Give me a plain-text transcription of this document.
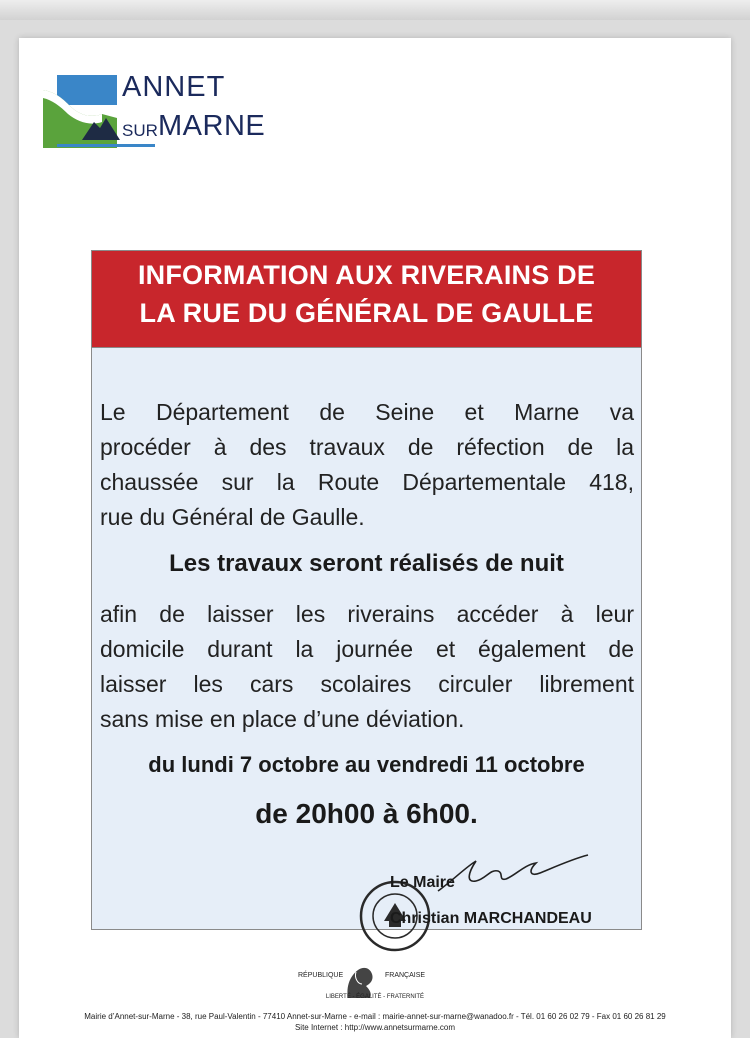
ANNET
SUR MARNE
INFORMATION AUX RIVERAINS DE
LA RUE DU GÉNÉRAL DE GAULLE
Le Département de Seine et Marne va
procéder à des travaux de réfection de la
chaussée sur la Route Départementale 418,
rue du Général de Gaulle.
Les travaux seront réalisés de nuit
afin de laisser les riverains accéder à leur
domicile durant la journée et également de
laisser les cars scolaires circuler librement
sans mise en place d’une déviation.
du lundi 7 octobre au vendredi 11 octobre
de 20h00 à 6h00.
Le Maire
Christian MARCHANDEAU
RÉPUBLIQUE	FRANÇAISE
LIBERTÉ - ÉGALITÉ - FRATERNITÉ
Mairie d’Annet-sur-Marne - 38, rue Paul-Valentin - 77410 Annet-sur-Marne - e-mail : mairie-annet-sur-marne@wanadoo.fr - Tél. 01 60 26 02 79 - Fax 01 60 26 81 29
Site Internet : http://www.annetsurmarne.com
